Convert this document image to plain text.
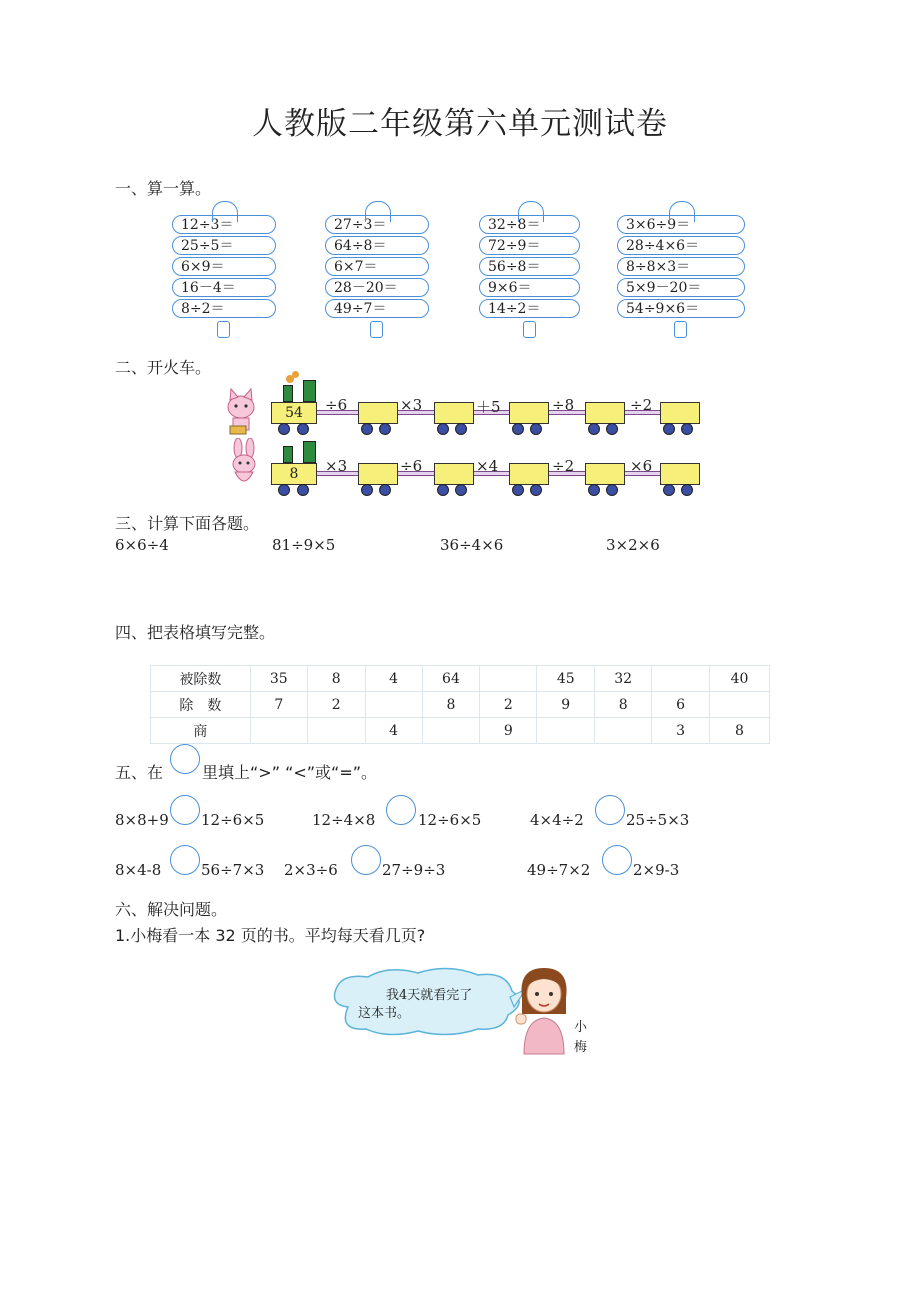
人教版二年级第六单元测试卷
一、算一算。
12÷3＝
25÷5＝
6×9＝
16－4＝
8÷2＝
27÷3＝
64÷8＝
6×7＝
28－20＝
49÷7＝
32÷8＝
72÷9＝
56÷8＝
9×6＝
14÷2＝
3×6÷9＝
28÷4×6＝
8÷8×3＝
5×9－20＝
54÷9×6＝
二、开火车。
54	÷6	×3	＋5	÷8	÷2
8	×3	÷6	×4	÷2	×6
三、计算下面各题。
6×6÷4	81÷9×5	36÷4×6	3×2×6
四、把表格填写完整。
被除数	35	8	4	64		45	32		40
除　数	7	2		8	2	9	8	6	
商			4		9			3	8
五、在 里填上“>” “<”或“=”。
8×8+9 12÷6×5	12÷4×8	12÷6×5	4×4÷2	25÷5×3
8×4-8	56÷7×3 2×3÷6	27÷9÷3	49÷7×2	2×9-3
六、解决问题。
1.小梅看一本 32 页的书。平均每天看几页?
我4天就看完了
这本书。
小
梅
